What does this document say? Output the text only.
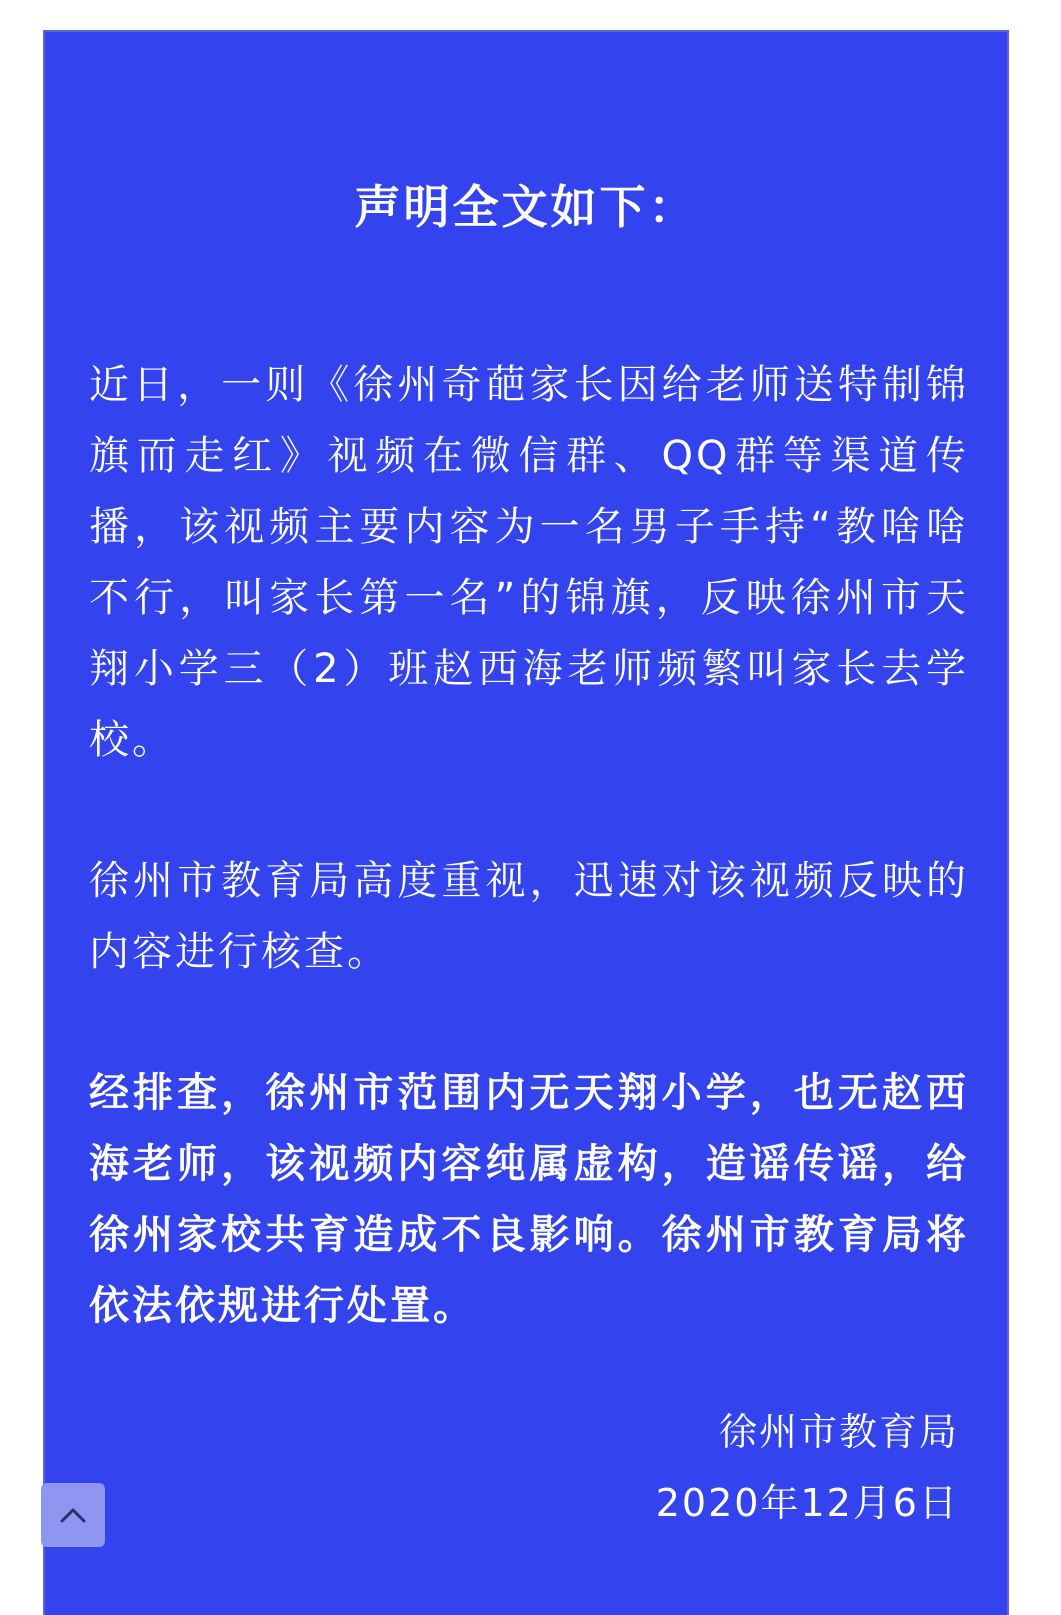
声明全文如下：
近日，一则《徐州奇葩家长因给老师送特制锦旗而走红》视频在微信群、QQ群等渠道传播，该视频主要内容为一名男子手持“教啥啥不行，叫家长第一名”的锦旗，反映徐州市天翔小学三（2）班赵西海老师频繁叫家长去学校。
徐州市教育局高度重视，迅速对该视频反映的内容进行核查。
经排查，徐州市范围内无天翔小学，也无赵西海老师，该视频内容纯属虚构，造谣传谣，给徐州家校共育造成不良影响。徐州市教育局将依法依规进行处置。
徐州市教育局
2020年12月6日
